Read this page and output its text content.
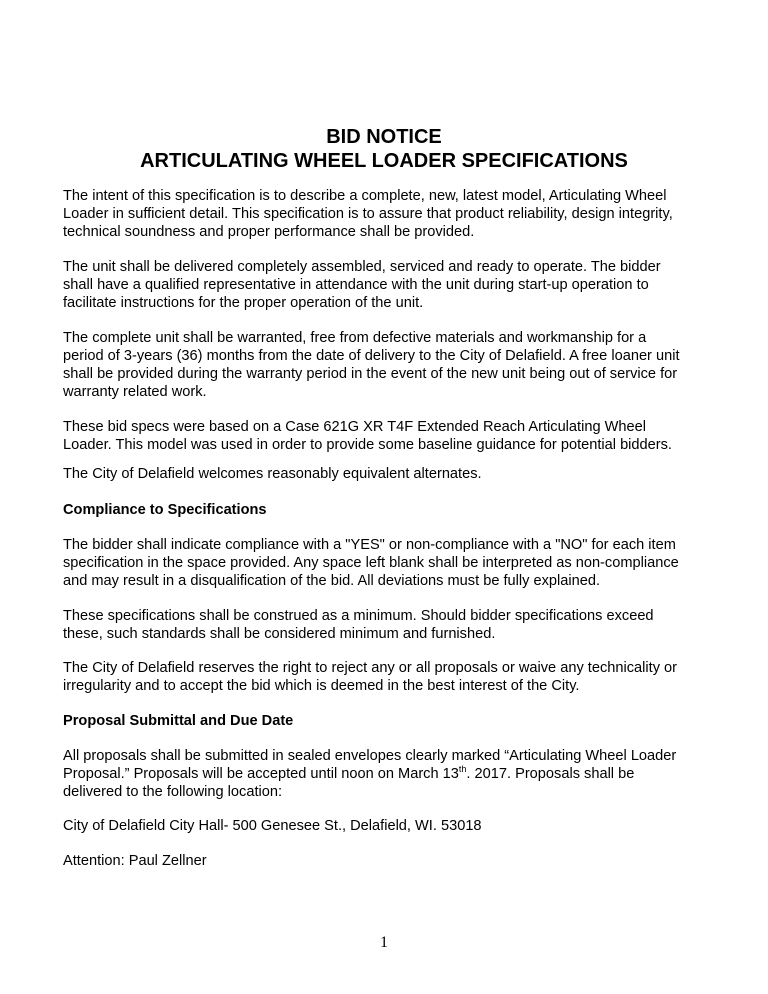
BID NOTICE
ARTICULATING WHEEL LOADER SPECIFICATIONS

The intent of this specification is to describe a complete, new, latest model, Articulating Wheel
Loader in sufficient detail. This specification is to assure that product reliability, design integrity,
technical soundness and proper performance shall be provided.

The unit shall be delivered completely assembled, serviced and ready to operate. The bidder
shall have a qualified representative in attendance with the unit during start-up operation to
facilitate instructions for the proper operation of the unit.

The complete unit shall be warranted, free from defective materials and workmanship for a
period of 3-years (36) months from the date of delivery to the City of Delafield. A free loaner unit
shall be provided during the warranty period in the event of the new unit being out of service for
warranty related work.

These bid specs were based on a Case 621G XR T4F Extended Reach Articulating Wheel
Loader. This model was used in order to provide some baseline guidance for potential bidders.

The City of Delafield welcomes reasonably equivalent alternates.

Compliance to Specifications

The bidder shall indicate compliance with a "YES" or non-compliance with a "NO" for each item
specification in the space provided. Any space left blank shall be interpreted as non-compliance
and may result in a disqualification of the bid. All deviations must be fully explained.

These specifications shall be construed as a minimum. Should bidder specifications exceed
these, such standards shall be considered minimum and furnished.

The City of Delafield reserves the right to reject any or all proposals or waive any technicality or
irregularity and to accept the bid which is deemed in the best interest of the City.

Proposal Submittal and Due Date

All proposals shall be submitted in sealed envelopes clearly marked “Articulating Wheel Loader
Proposal.” Proposals will be accepted until noon on March 13th. 2017. Proposals shall be
delivered to the following location:

City of Delafield City Hall- 500 Genesee St., Delafield, WI. 53018

Attention: Paul Zellner

1
